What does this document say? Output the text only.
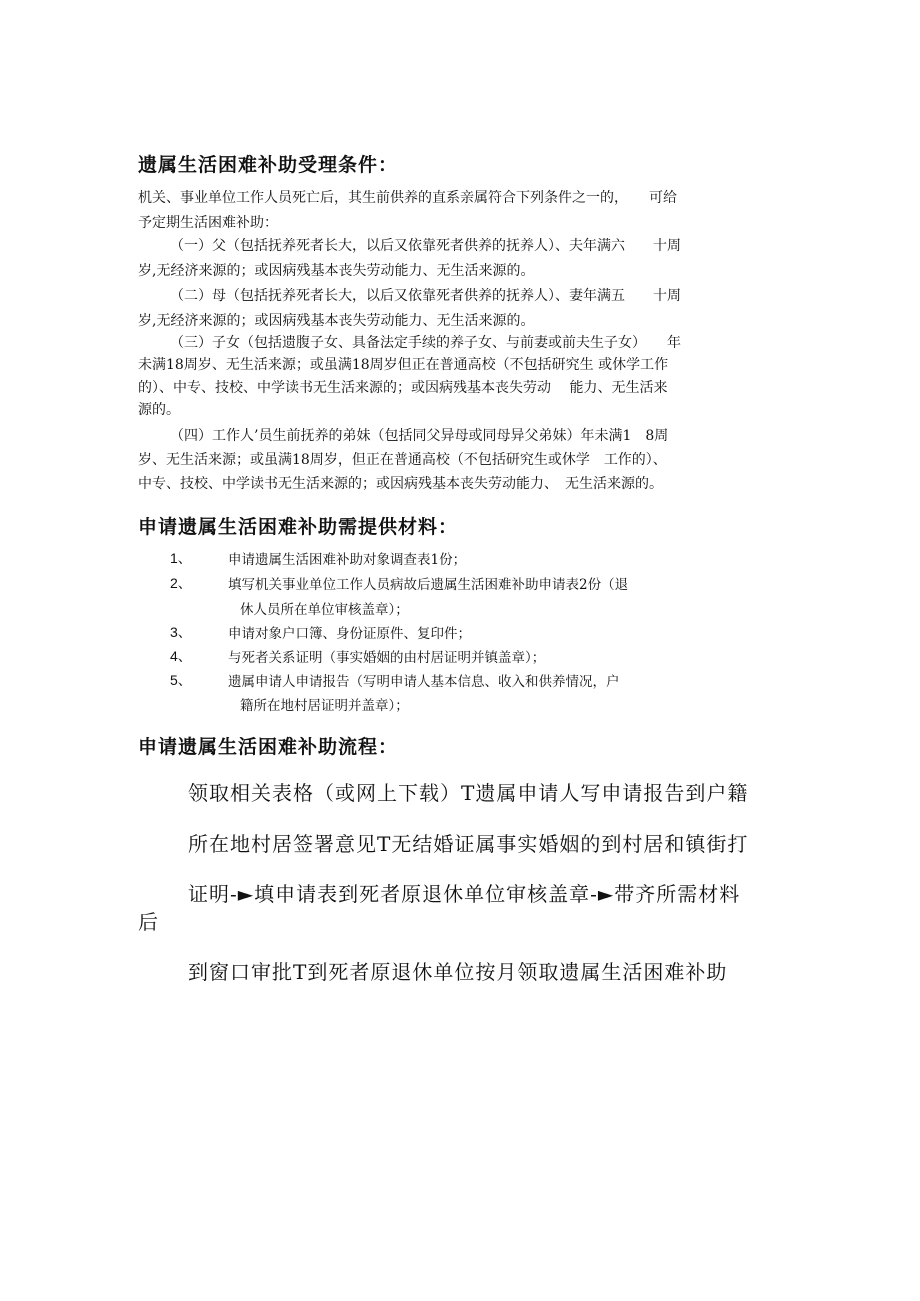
遗属生活困难补助受理条件：
机关、事业单位工作人员死亡后，其生前供养的直系亲属符合下列条件之一的，　　可给
予定期生活困难补助：
（一）父（包括抚养死者长大，以后又依靠死者供养的抚养人）、夫年满六　　十周
岁,无经济来源的；或因病残基本丧失劳动能力、无生活来源的。
（二）母（包括抚养死者长大，以后又依靠死者供养的抚养人）、妻年满五　　十周
岁,无经济来源的；或因病残基本丧失劳动能力、无生活来源的。
（三）子女（包括遗腹子女、具备法定手续的养子女、与前妻或前夫生子女）　　年
未满18周岁、无生活来源；或虽满18周岁但正在普通高校（不包括研究生 或休学工作
的）、中专、技校、中学读书无生活来源的；或因病残基本丧失劳动　 能力、无生活来
源的。
（四）工作人’员生前抚养的弟妹（包括同父异母或同母异父弟妹）年未满1　8周
岁、无生活来源；或虽满18周岁，但正在普通高校（不包括研究生或休学　工作的）、
中专、技校、中学读书无生活来源的；或因病残基本丧失劳动能力、　无生活来源的。
申请遗属生活困难补助需提供材料：
1、	申请遗属生活困难补助对象调查表1份；
2、	填写机关事业单位工作人员病故后遗属生活困难补助申请表2份（退
休人员所在单位审核盖章）；
3、	申请对象户口簿、身份证原件、复印件；
4、	与死者关系证明（事实婚姻的由村居证明并镇盖章）；
5、	遗属申请人申请报告（写明申请人基本信息、收入和供养情况，户
籍所在地村居证明并盖章）；
申请遗属生活困难补助流程：
领取相关表格（或网上下载）T遗属申请人写申请报告到户籍
所在地村居签署意见T无结婚证属事实婚姻的到村居和镇街打
证明-►填申请表到死者原退休单位审核盖章-►带齐所需材料
后
到窗口审批T到死者原退休单位按月领取遗属生活困难补助
